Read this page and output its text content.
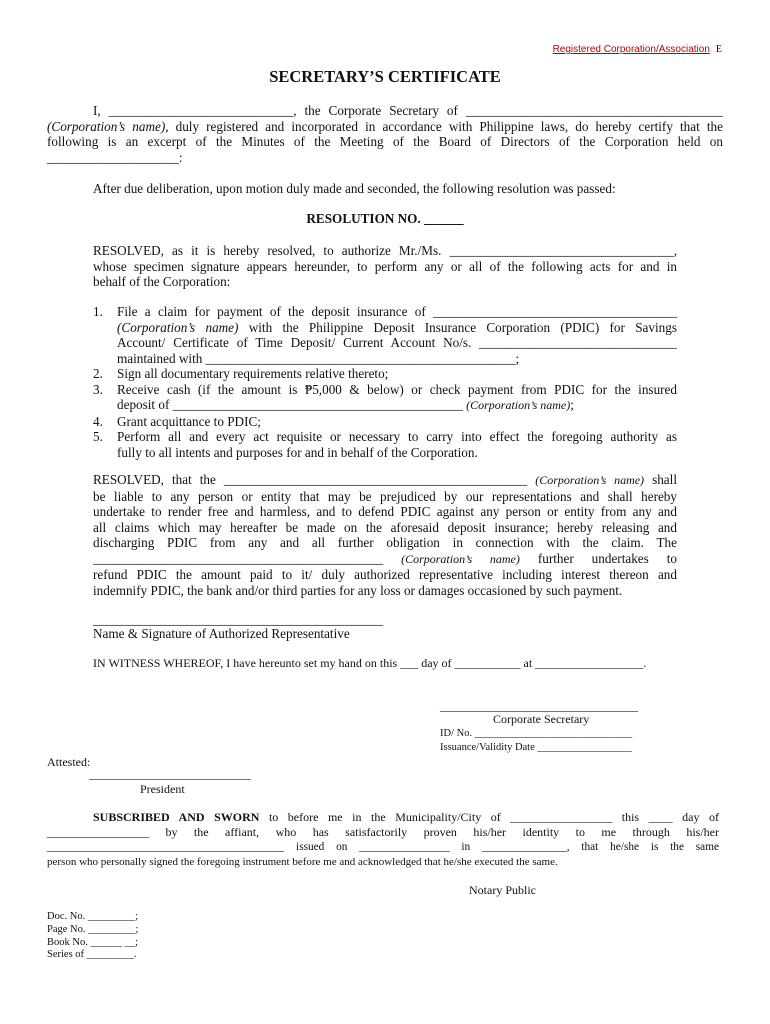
Registered Corporation/Association E
SECRETARY’S CERTIFICATE
I, ____________________________, the Corporate Secretary of _______________________________________
(Corporation’s name), duly registered and incorporated in accordance with Philippine laws, do hereby certify that the
following is an excerpt of the Minutes of the Meeting of the Board of Directors of the Corporation held on
____________________:
After due deliberation, upon motion duly made and seconded, the following resolution was passed:
RESOLUTION NO. ______
RESOLVED, as it is hereby resolved, to authorize Mr./Ms. __________________________________,
whose specimen signature appears hereunder, to perform any or all of the following acts for and in
behalf of the Corporation:
1. File a claim for payment of the deposit insurance of _____________________________________
(Corporation’s name) with the Philippine Deposit Insurance Corporation (PDIC) for Savings
Account/ Certificate of Time Deposit/ Current Account No/s. ______________________________
maintained with _______________________________________________;
2. Sign all documentary requirements relative thereto;
3. Receive cash (if the amount is ₱5,000 & below) or check payment from PDIC for the insured
deposit of ____________________________________________ (Corporation’s name);
4. Grant acquittance to PDIC;
5. Perform all and every act requisite or necessary to carry into effect the foregoing authority as
fully to all intents and purposes for and in behalf of the Corporation.
RESOLVED, that the ______________________________________________ (Corporation’s name) shall
be liable to any person or entity that may be prejudiced by our representations and shall hereby
undertake to render free and harmless, and to defend PDIC against any person or entity from any and
all claims which may hereafter be made on the aforesaid deposit insurance; hereby releasing and
discharging PDIC from any and all further obligation in connection with the claim. The
____________________________________________ (Corporation’s name) further undertakes to
refund PDIC the amount paid to it/ duly authorized representative including interest thereon and
indemnify PDIC, the bank and/or third parties for any loss or damages occasioned by such payment.
____________________________________________
Name & Signature of Authorized Representative
IN WITNESS WHEREOF, I have hereunto set my hand on this ___ day of ___________ at __________________.
_________________________________
Corporate Secretary
ID/ No. ______________________________
Issuance/Validity Date __________________
Attested:
___________________________
President
SUBSCRIBED AND SWORN to before me in the Municipality/City of _________________ this ____ day of
_________________ by the affiant, who has satisfactorily proven his/her identity to me through his/her
__________________________________________ issued on ________________ in _______________, that he/she is the same
person who personally signed the foregoing instrument before me and acknowledged that he/she executed the same.
Notary Public
Doc. No. _________;
Page No. _________;
Book No. ______ __;
Series of _________.
